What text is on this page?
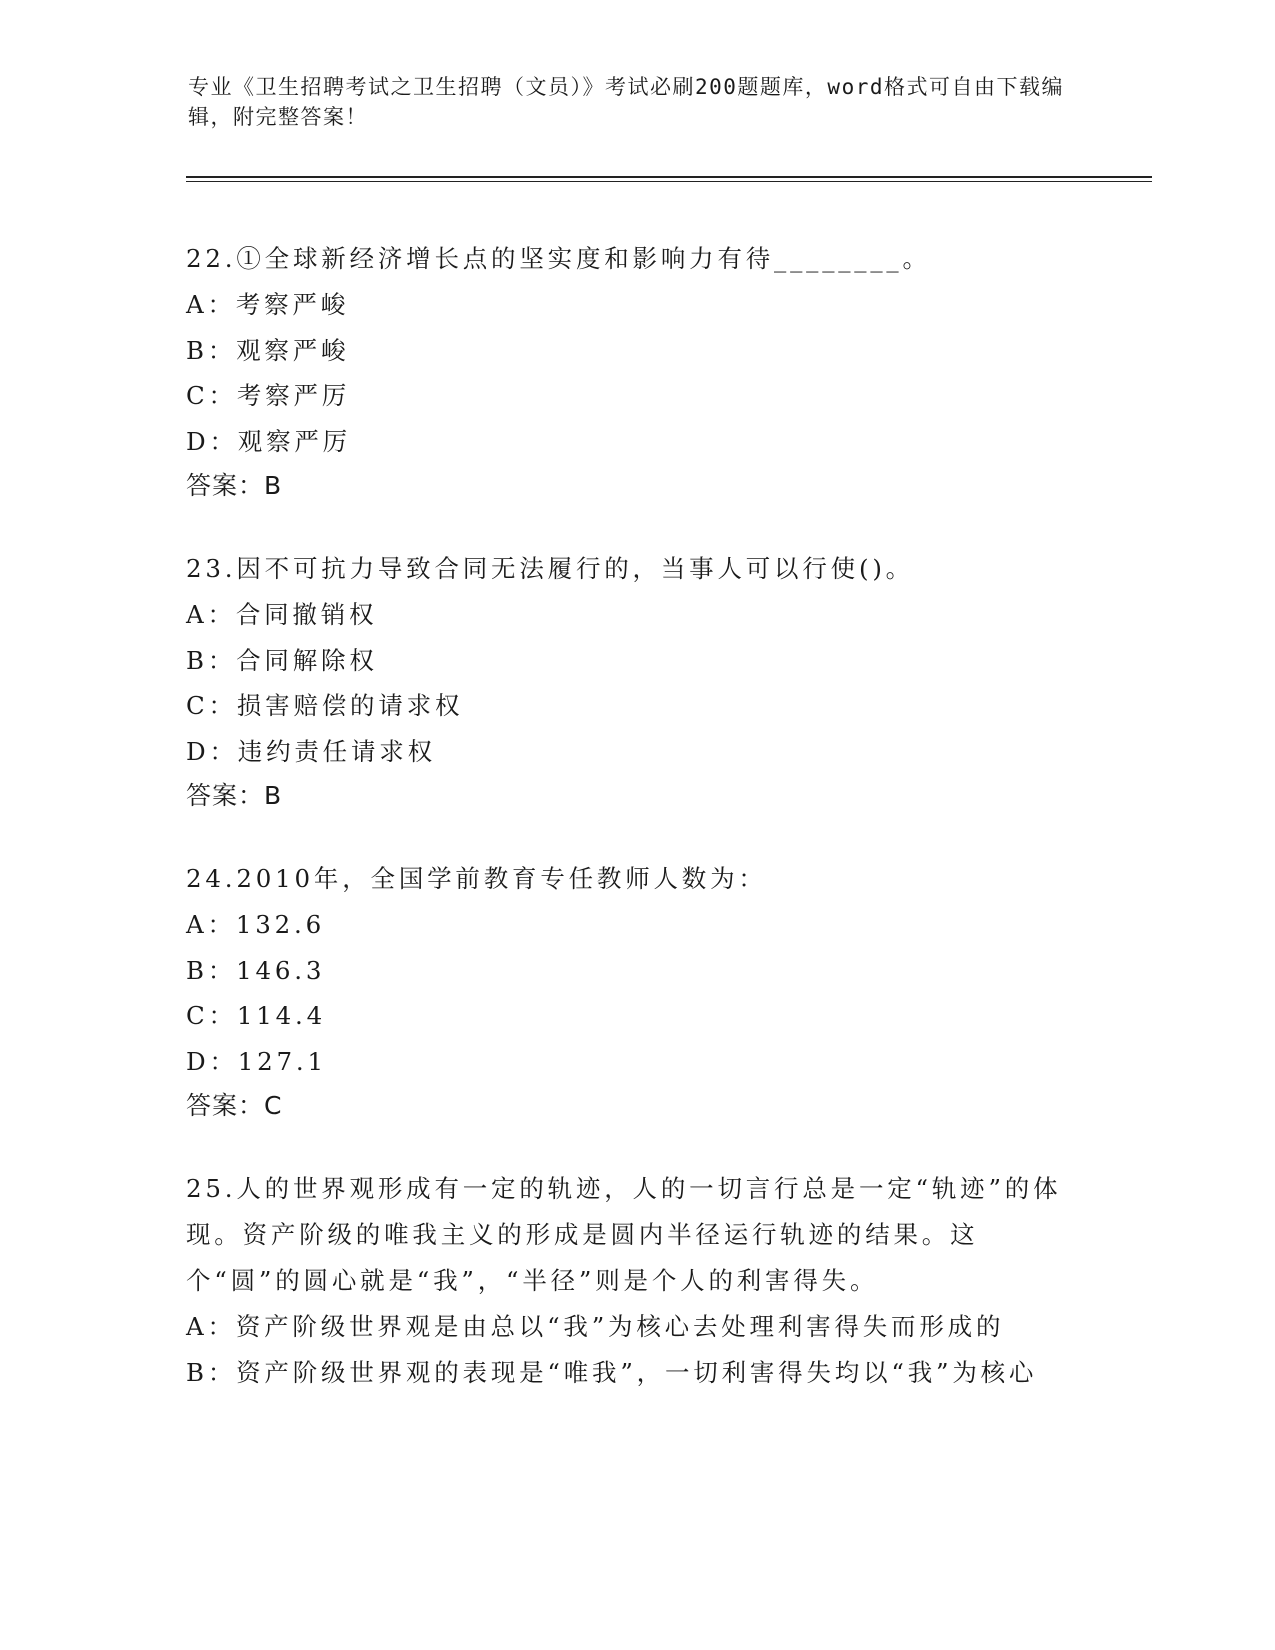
专业《卫生招聘考试之卫生招聘（文员）》考试必刷200题题库，word格式可自由下载编辑，附完整答案！
22.①全球新经济增长点的坚实度和影响力有待________。
A：考察严峻
B：观察严峻
C：考察严厉
D：观察严厉
答案：B
23.因不可抗力导致合同无法履行的，当事人可以行使()。
A：合同撤销权
B：合同解除权
C：损害赔偿的请求权
D：违约责任请求权
答案：B
24.2010年，全国学前教育专任教师人数为：
A：132.6
B：146.3
C：114.4
D：127.1
答案：C
25.人的世界观形成有一定的轨迹，人的一切言行总是一定“轨迹”的体现。资产阶级的唯我主义的形成是圆内半径运行轨迹的结果。这个“圆”的圆心就是“我”，“半径”则是个人的利害得失。
A：资产阶级世界观是由总以“我”为核心去处理利害得失而形成的
B：资产阶级世界观的表现是“唯我”，一切利害得失均以“我”为核心
